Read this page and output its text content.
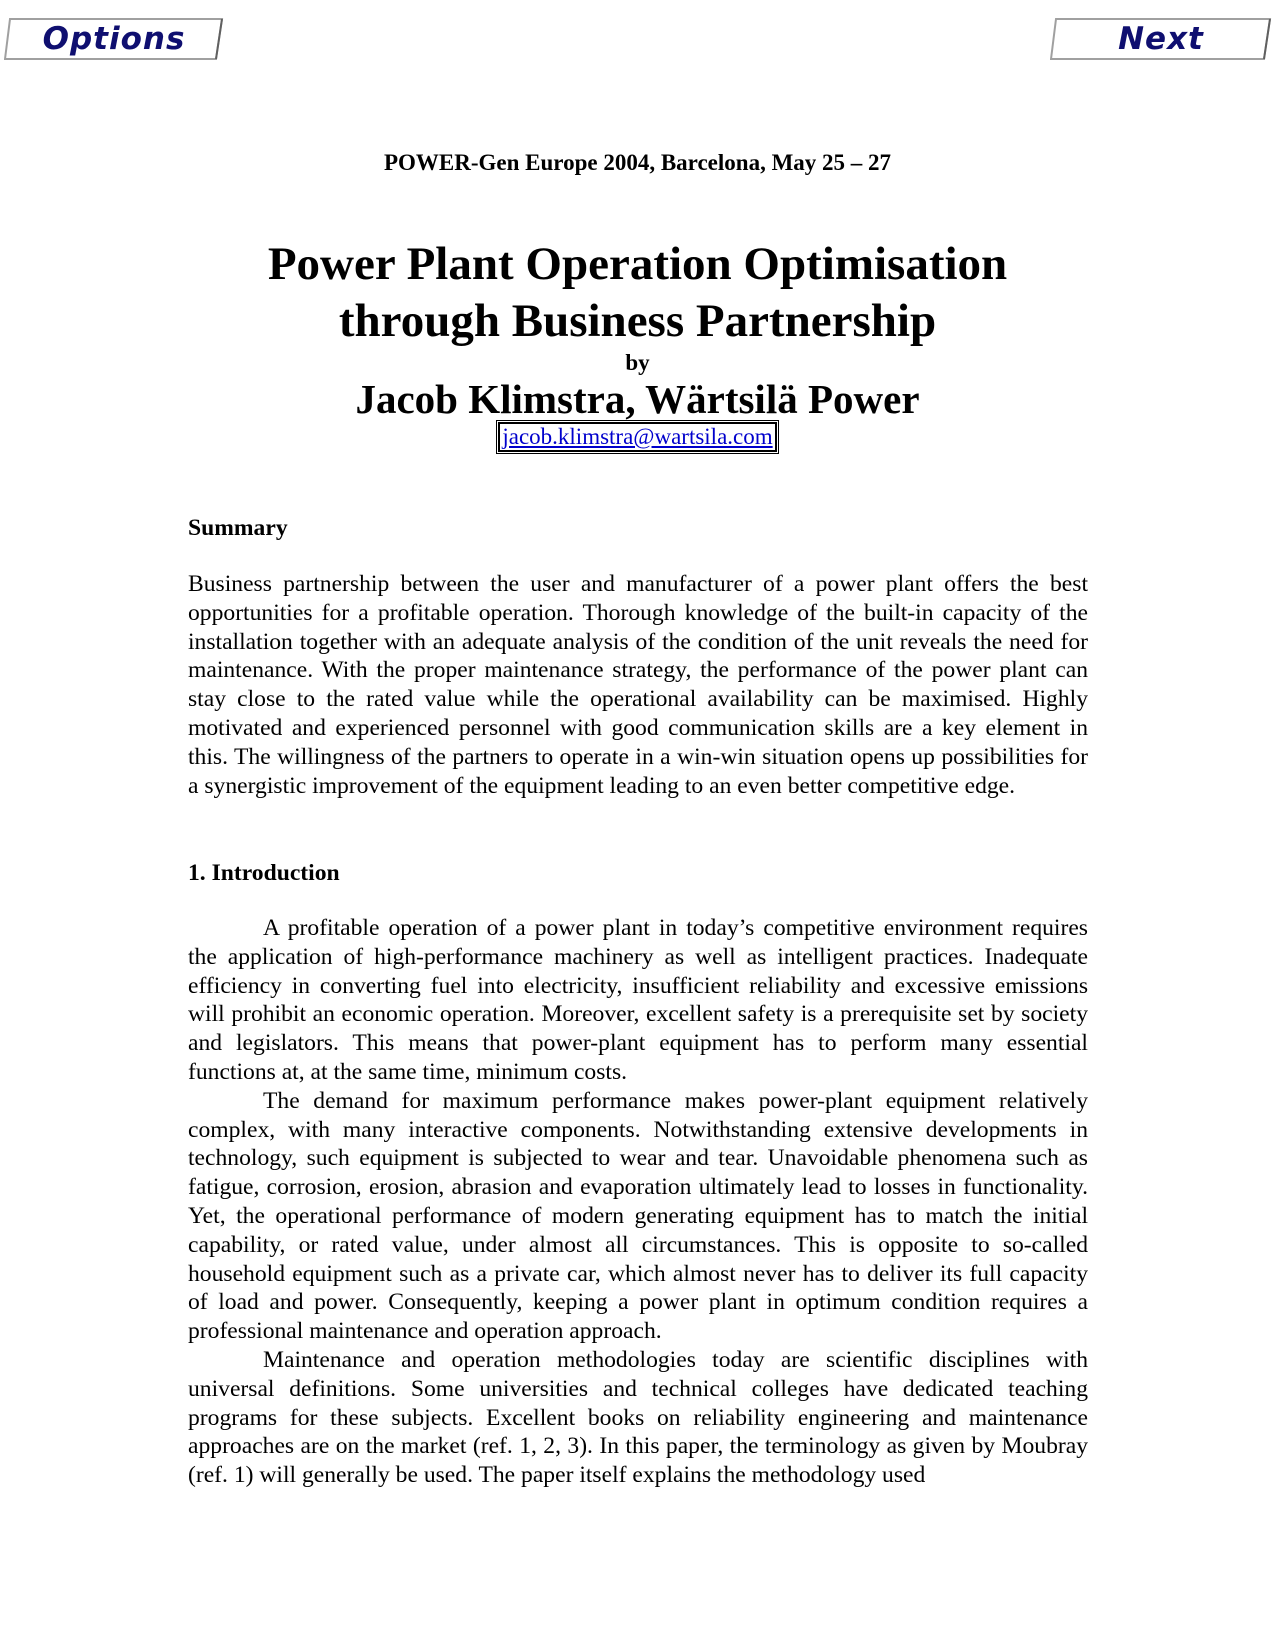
Options	Next
POWER-Gen Europe 2004, Barcelona, May 25 – 27
Power Plant Operation Optimisation
through Business Partnership
by
Jacob Klimstra, Wärtsilä Power
jacob.klimstra@wartsila.com
Summary

Business partnership between the user and manufacturer of a power plant offers the best opportunities for a profitable operation. Thorough knowledge of the built-in capacity of the installation together with an adequate analysis of the condition of the unit reveals the need for maintenance. With the proper maintenance strategy, the performance of the power plant can stay close to the rated value while the operational availability can be maximised. Highly motivated and experienced personnel with good communication skills are a key element in this. The willingness of the partners to operate in a win-win situation opens up possibilities for a synergistic improvement of the equipment leading to an even better competitive edge.

1. Introduction

A profitable operation of a power plant in today’s competitive environment requires the application of high-performance machinery as well as intelligent practices. Inadequate efficiency in converting fuel into electricity, insufficient reliability and excessive emissions will prohibit an economic operation. Moreover, excellent safety is a prerequisite set by society and legislators. This means that power-plant equipment has to perform many essential functions at, at the same time, minimum costs.

The demand for maximum performance makes power-plant equipment relatively complex, with many interactive components. Notwithstanding extensive developments in technology, such equipment is subjected to wear and tear. Unavoidable phenomena such as fatigue, corrosion, erosion, abrasion and evaporation ultimately lead to losses in functionality. Yet, the operational performance of modern generating equipment has to match the initial capability, or rated value, under almost all circumstances. This is opposite to so-called household equipment such as a private car, which almost never has to deliver its full capacity of load and power. Consequently, keeping a power plant in optimum condition requires a professional maintenance and operation approach.

Maintenance and operation methodologies today are scientific disciplines with universal definitions. Some universities and technical colleges have dedicated teaching programs for these subjects. Excellent books on reliability engineering and maintenance approaches are on the market (ref. 1, 2, 3). In this paper, the terminology as given by Moubray (ref. 1) will generally be used. The paper itself explains the methodology used
